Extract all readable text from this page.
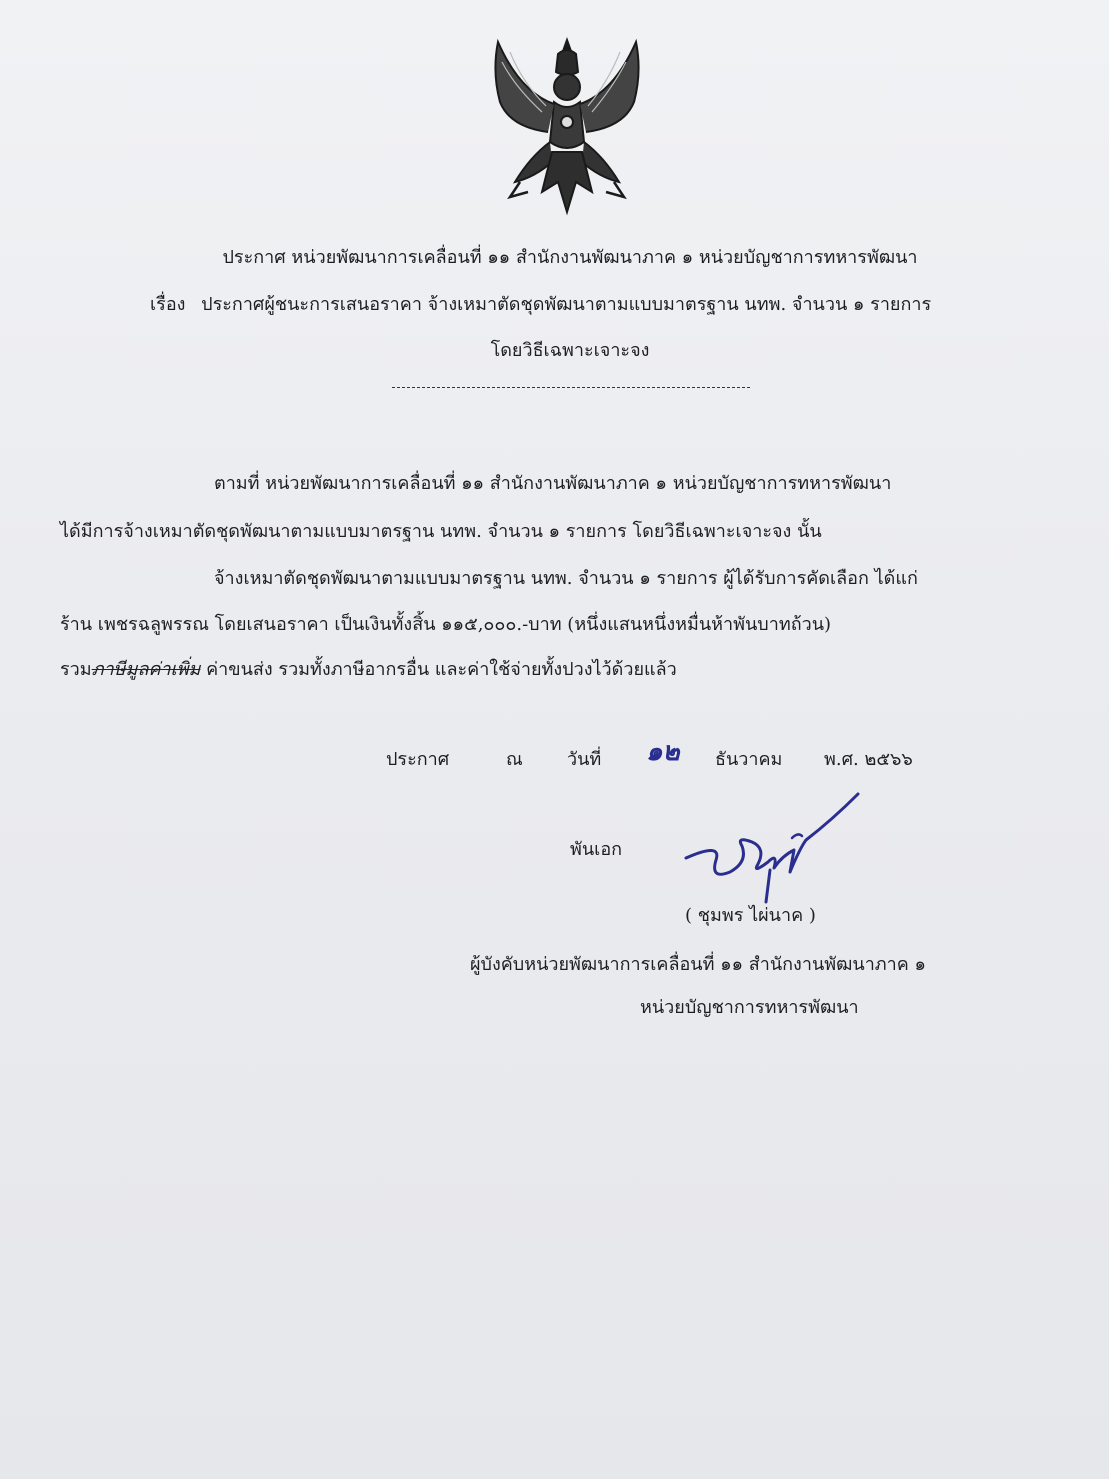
ประกาศ หน่วยพัฒนาการเคลื่อนที่ ๑๑ สำนักงานพัฒนาภาค ๑ หน่วยบัญชาการทหารพัฒนา
เรื่อง ประกาศผู้ชนะการเสนอราคา จ้างเหมาตัดชุดพัฒนาตามแบบมาตรฐาน นทพ. จำนวน ๑ รายการ
โดยวิธีเฉพาะเจาะจง
ตามที่ หน่วยพัฒนาการเคลื่อนที่ ๑๑ สำนักงานพัฒนาภาค ๑ หน่วยบัญชาการทหารพัฒนา
ได้มีการจ้างเหมาตัดชุดพัฒนาตามแบบมาตรฐาน นทพ. จำนวน ๑ รายการ โดยวิธีเฉพาะเจาะจง นั้น
จ้างเหมาตัดชุดพัฒนาตามแบบมาตรฐาน นทพ. จำนวน ๑ รายการ ผู้ได้รับการคัดเลือก ได้แก่
ร้าน เพชรฉลูพรรณ โดยเสนอราคา เป็นเงินทั้งสิ้น ๑๑๕,๐๐๐.-บาท (หนึ่งแสนหนึ่งหมื่นห้าพันบาทถ้วน)
รวมภาษีมูลค่าเพิ่ม ค่าขนส่ง รวมทั้งภาษีอากรอื่น และค่าใช้จ่ายทั้งปวงไว้ด้วยแล้ว
ประกาศ	ณ วันที่ ๑๒ ธันวาคม พ.ศ. ๒๕๖๖
พันเอก
( ชุมพร ไผ่นาค )
ผู้บังคับหน่วยพัฒนาการเคลื่อนที่ ๑๑ สำนักงานพัฒนาภาค ๑
หน่วยบัญชาการทหารพัฒนา
